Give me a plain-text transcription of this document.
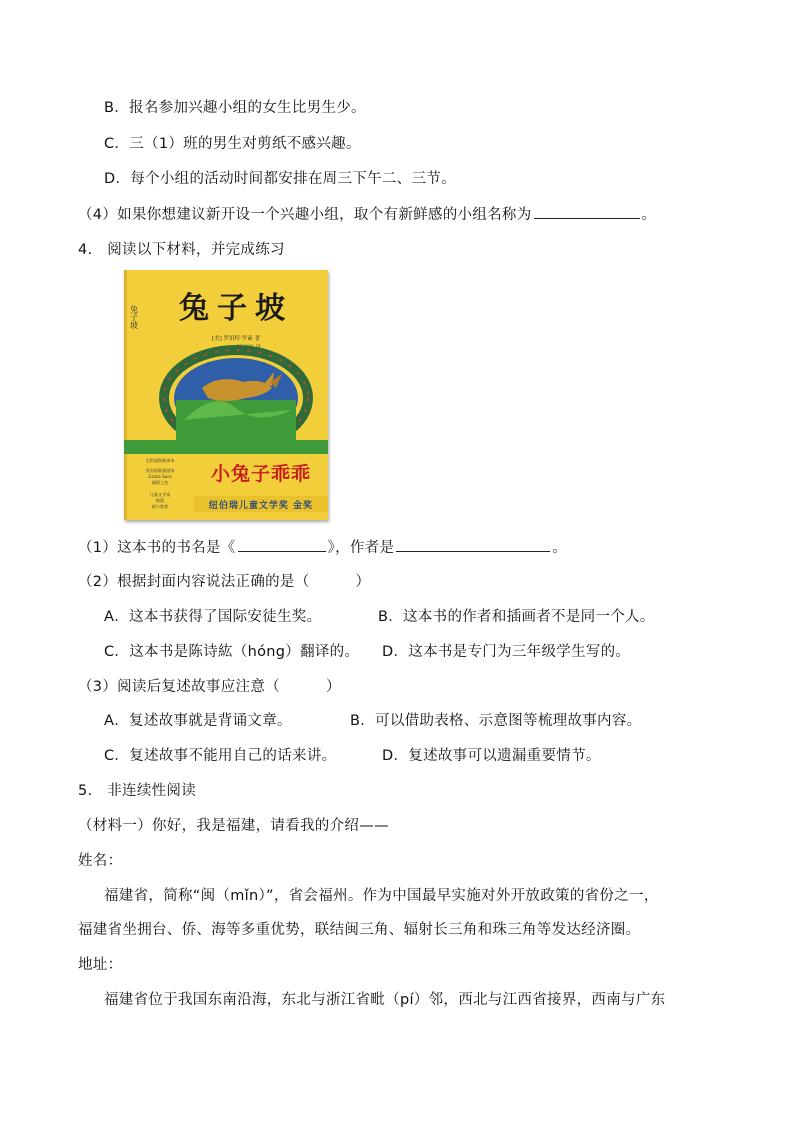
B．报名参加兴趣小组的女生比男生少。
C．三（1）班的男生对剪纸不感兴趣。
D．每个小组的活动时间都安排在周三下午二、三节。
（4）如果你想建议新开设一个兴趣小组，取个有新鲜感的小组名称为	。
4.　阅读以下材料，并完成练习
兔子坡
兔子坡
[美] 罗伯特·罗素 著
陈诗紘 译
小兔子乖乖
纽伯瑞儿童文学奖 金奖
全彩插图新译本
美国原版插画家
Grace Sura
倾情上色
儿童文学家
新版
倾力推荐
（1）这本书的书名是《	》，作者是	。
（2）根据封面内容说法正确的是（	）
A．这本书获得了国际安徒生奖。	B．这本书的作者和插画者不是同一个人。
C．这本书是陈诗紘（hóng）翻译的。 D．这本书是专门为三年级学生写的。
（3）阅读后复述故事应注意（	）
A．复述故事就是背诵文章。	B．可以借助表格、示意图等梳理故事内容。
C．复述故事不能用自己的话来讲。	D．复述故事可以遗漏重要情节。
5.　非连续性阅读
（材料一）你好，我是福建，请看我的介绍——
姓名：
福建省，简称“闽（mǐn）”，省会福州。作为中国最早实施对外开放政策的省份之一，
福建省坐拥台、侨、海等多重优势，联结闽三角、辐射长三角和珠三角等发达经济圈。
地址：
福建省位于我国东南沿海，东北与浙江省毗（pí）邻，西北与江西省接界，西南与广东
